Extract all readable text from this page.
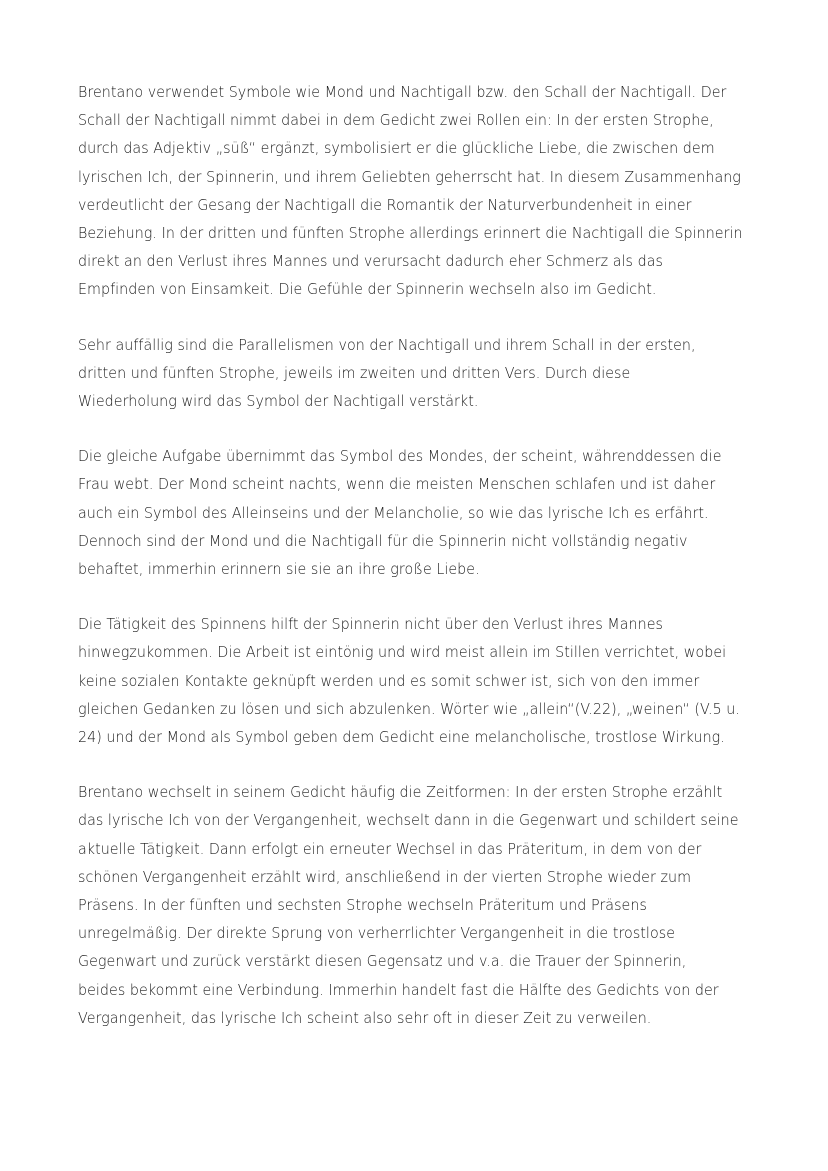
Brentano verwendet Symbole wie Mond und Nachtigall bzw. den Schall der Nachtigall. Der
Schall der Nachtigall nimmt dabei in dem Gedicht zwei Rollen ein: In der ersten Strophe,
durch das Adjektiv „süß“ ergänzt, symbolisiert er die glückliche Liebe, die zwischen dem
lyrischen Ich, der Spinnerin, und ihrem Geliebten geherrscht hat. In diesem Zusammenhang
verdeutlicht der Gesang der Nachtigall die Romantik der Naturverbundenheit in einer
Beziehung. In der dritten und fünften Strophe allerdings erinnert die Nachtigall die Spinnerin
direkt an den Verlust ihres Mannes und verursacht dadurch eher Schmerz als das
Empfinden von Einsamkeit. Die Gefühle der Spinnerin wechseln also im Gedicht.
Sehr auffällig sind die Parallelismen von der Nachtigall und ihrem Schall in der ersten,
dritten und fünften Strophe, jeweils im zweiten und dritten Vers. Durch diese
Wiederholung wird das Symbol der Nachtigall verstärkt.
Die gleiche Aufgabe übernimmt das Symbol des Mondes, der scheint, währenddessen die
Frau webt. Der Mond scheint nachts, wenn die meisten Menschen schlafen und ist daher
auch ein Symbol des Alleinseins und der Melancholie, so wie das lyrische Ich es erfährt.
Dennoch sind der Mond und die Nachtigall für die Spinnerin nicht vollständig negativ
behaftet, immerhin erinnern sie sie an ihre große Liebe.
Die Tätigkeit des Spinnens hilft der Spinnerin nicht über den Verlust ihres Mannes
hinwegzukommen. Die Arbeit ist eintönig und wird meist allein im Stillen verrichtet, wobei
keine sozialen Kontakte geknüpft werden und es somit schwer ist, sich von den immer
gleichen Gedanken zu lösen und sich abzulenken. Wörter wie „allein“(V.22), „weinen“ (V.5 u.
24) und der Mond als Symbol geben dem Gedicht eine melancholische, trostlose Wirkung.
Brentano wechselt in seinem Gedicht häufig die Zeitformen: In der ersten Strophe erzählt
das lyrische Ich von der Vergangenheit, wechselt dann in die Gegenwart und schildert seine
aktuelle Tätigkeit. Dann erfolgt ein erneuter Wechsel in das Präteritum, in dem von der
schönen Vergangenheit erzählt wird, anschließend in der vierten Strophe wieder zum
Präsens. In der fünften und sechsten Strophe wechseln Präteritum und Präsens
unregelmäßig. Der direkte Sprung von verherrlichter Vergangenheit in die trostlose
Gegenwart und zurück verstärkt diesen Gegensatz und v.a. die Trauer der Spinnerin,
beides bekommt eine Verbindung. Immerhin handelt fast die Hälfte des Gedichts von der
Vergangenheit, das lyrische Ich scheint also sehr oft in dieser Zeit zu verweilen.
